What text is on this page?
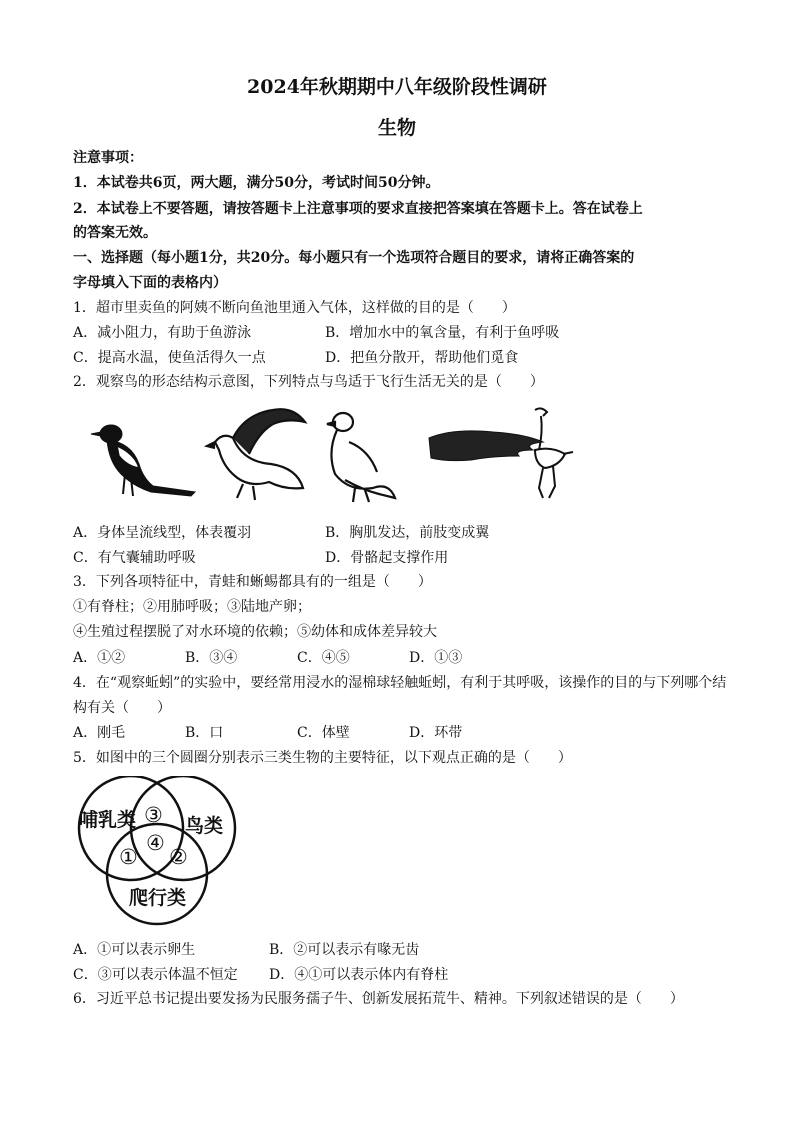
2024年秋期期中八年级阶段性调研
生物
注意事项：
1．本试卷共6页，两大题，满分50分，考试时间50分钟。
2．本试卷上不要答题，请按答题卡上注意事项的要求直接把答案填在答题卡上。答在试卷上
的答案无效。
一、选择题（每小题1分，共20分。每小题只有一个选项符合题目的要求，请将正确答案的
字母填入下面的表格内）
1．超市里卖鱼的阿姨不断向鱼池里通入气体，这样做的目的是（　　）
A．减小阻力，有助于鱼游泳	B．增加水中的氧含量，有利于鱼呼吸
C．提高水温，使鱼活得久一点	D．把鱼分散开，帮助他们觅食
2．观察鸟的形态结构示意图，下列特点与鸟适于飞行生活无关的是（　　）
A．身体呈流线型，体表覆羽	B．胸肌发达，前肢变成翼
C．有气囊辅助呼吸	D．骨骼起支撑作用
3．下列各项特征中，青蛙和蜥蜴都具有的一组是（　　）
①有脊柱；②用肺呼吸；③陆地产卵；
④生殖过程摆脱了对水环境的依赖；⑤幼体和成体差异较大
A．①②	B．③④	C．④⑤	D．①③
4．在“观察蚯蚓”的实验中，要经常用浸水的湿棉球轻触蚯蚓，有利于其呼吸，该操作的目的与下列哪个结
构有关（　　）
A．刚毛	B．口	C．体壁	D．环带
5．如图中的三个圆圈分别表示三类生物的主要特征，以下观点正确的是（　　）
哺乳类	鸟类
爬行类
③
④
① ②
A．①可以表示卵生	B．②可以表示有喙无齿
C．③可以表示体温不恒定 D．④①可以表示体内有脊柱
6．习近平总书记提出要发扬为民服务孺子牛、创新发展拓荒牛、精神。下列叙述错误的是（　　）
